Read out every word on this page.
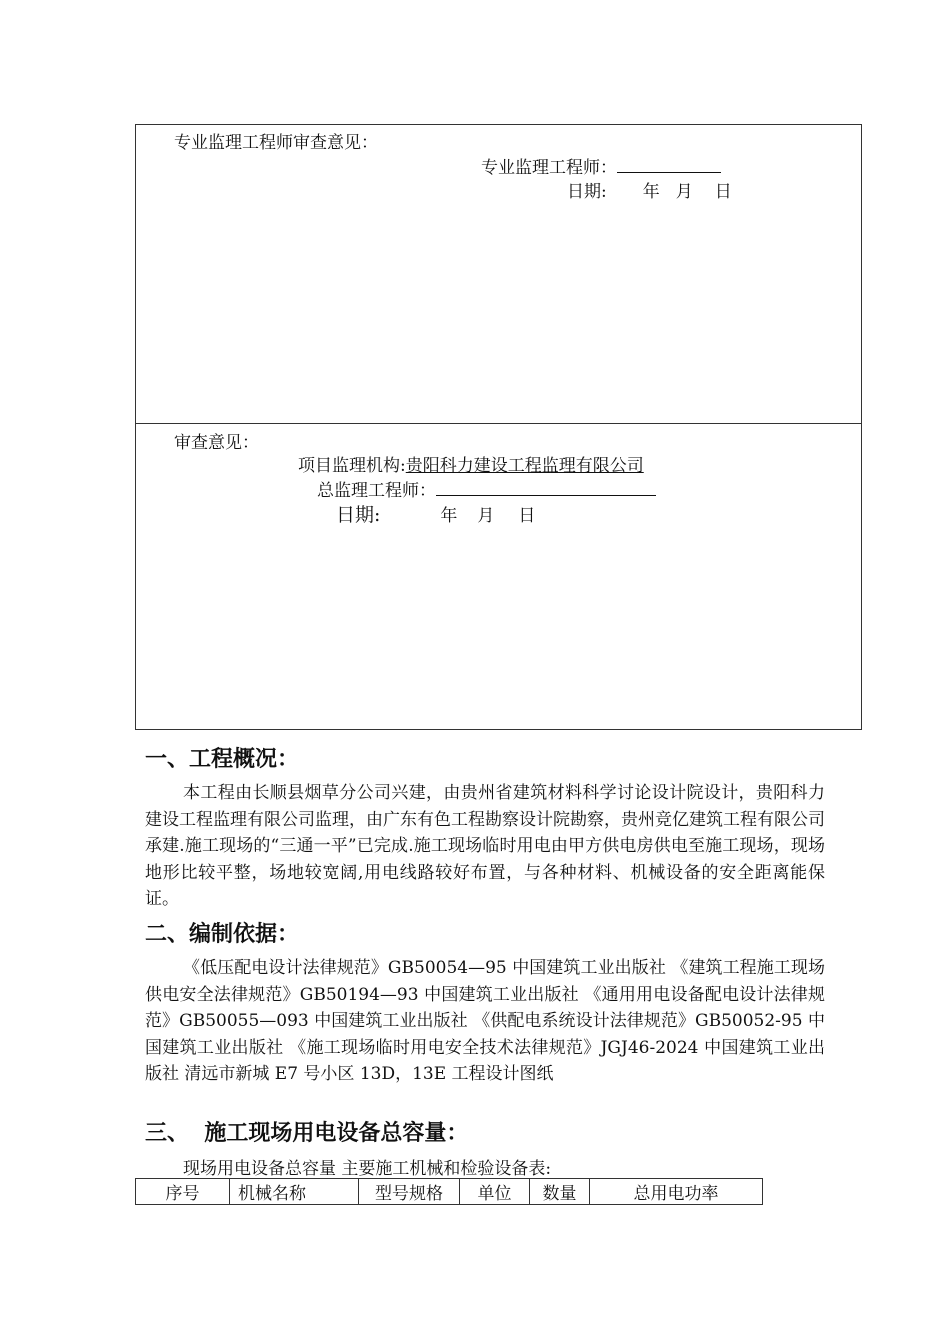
专业监理工程师审查意见：
专业监理工程师：
日期: 年 月 日
审查意见：
项目监理机构:贵阳科力建设工程监理有限公司
总监理工程师：
日期:	年 月 日
一、工程概况：
本工程由长顺县烟草分公司兴建，由贵州省建筑材料科学讨论设计院设计，贵阳科力建设工程监理有限公司监理，由广东有色工程勘察设计院勘察，贵州竞亿建筑工程有限公司承建.施工现场的“三通一平”已完成.施工现场临时用电由甲方供电房供电至施工现场，现场地形比较平整，场地较宽阔,用电线路较好布置，与各种材料、机械设备的安全距离能保证。
二、编制依据：
《低压配电设计法律规范》GB50054—95 中国建筑工业出版社 《建筑工程施工现场供电安全法律规范》GB50194—93 中国建筑工业出版社 《通用用电设备配电设计法律规范》GB50055—093 中国建筑工业出版社 《供配电系统设计法律规范》GB50052-95 中国建筑工业出版社 《施工现场临时用电安全技术法律规范》JGJ46-2024 中国建筑工业出版社 清远市新城 E7 号小区 13D，13E 工程设计图纸
三、  施工现场用电设备总容量：
现场用电设备总容量 主要施工机械和检验设备表:
序号	机械名称	型号规格	单位	数量	总用电功率
